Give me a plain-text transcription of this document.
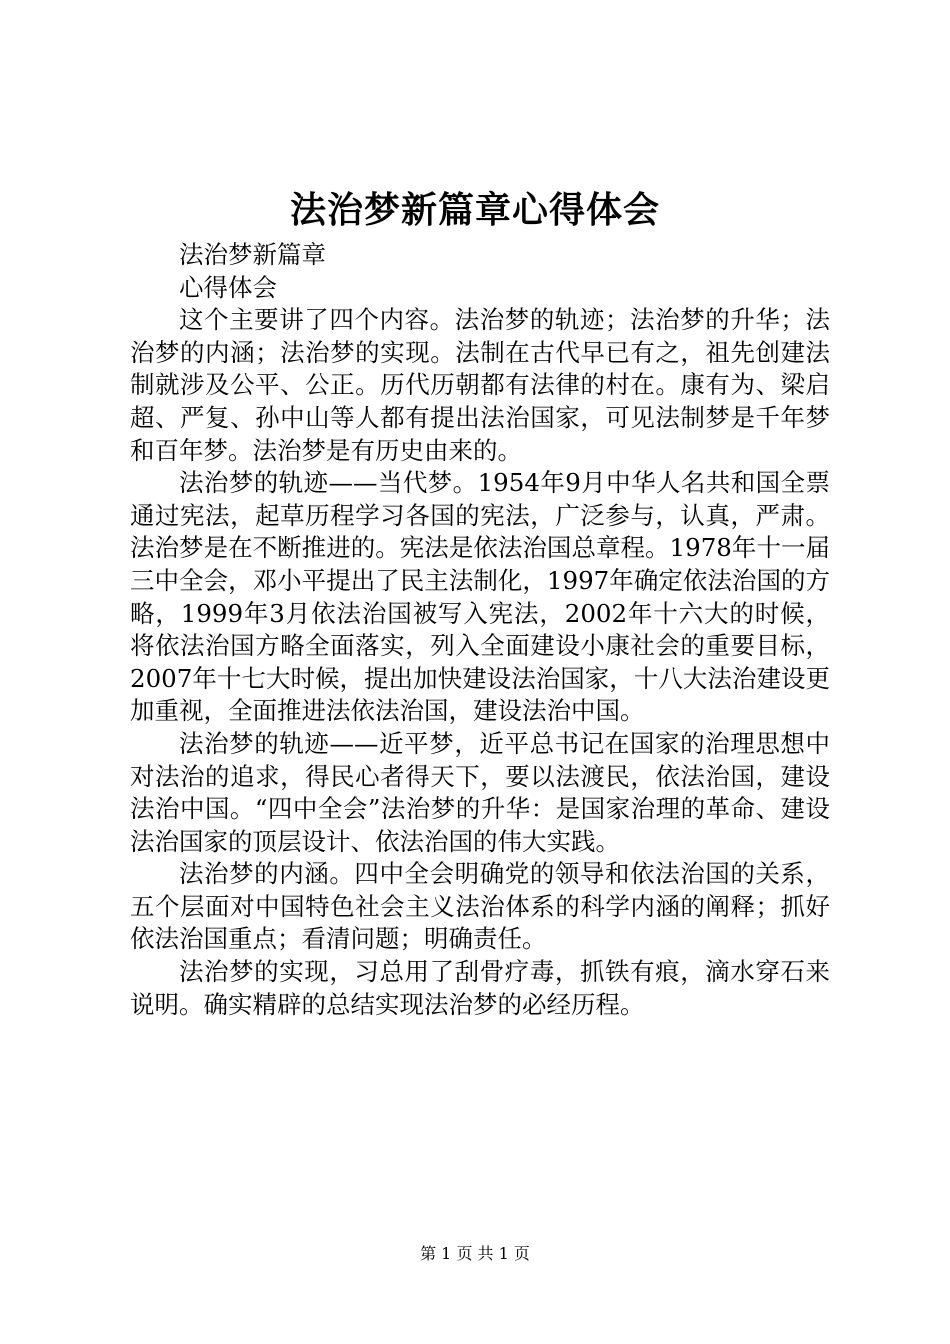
法治梦新篇章心得体会

法治梦新篇章

心得体会

这个主要讲了四个内容。法治梦的轨迹；法治梦的升华；法治梦的内涵；法治梦的实现。法制在古代早已有之，祖先创建法制就涉及公平、公正。历代历朝都有法律的村在。康有为、梁启超、严复、孙中山等人都有提出法治国家，可见法制梦是千年梦和百年梦。法治梦是有历史由来的。

法治梦的轨迹——当代梦。1954年9月中华人名共和国全票通过宪法，起草历程学习各国的宪法，广泛参与，认真，严肃。法治梦是在不断推进的。宪法是依法治国总章程。1978年十一届三中全会，邓小平提出了民主法制化，1997年确定依法治国的方略，1999年3月依法治国被写入宪法，2002年十六大的时候，将依法治国方略全面落实，列入全面建设小康社会的重要目标，2007年十七大时候，提出加快建设法治国家，十八大法治建设更加重视，全面推进法依法治国，建设法治中国。

法治梦的轨迹——近平梦，近平总书记在国家的治理思想中对法治的追求，得民心者得天下，要以法渡民，依法治国，建设法治中国。“四中全会”法治梦的升华：是国家治理的革命、建设法治国家的顶层设计、依法治国的伟大实践。

法治梦的内涵。四中全会明确党的领导和依法治国的关系，五个层面对中国特色社会主义法治体系的科学内涵的阐释；抓好依法治国重点；看清问题；明确责任。

法治梦的实现，习总用了刮骨疗毒，抓铁有痕，滴水穿石来说明。确实精辟的总结实现法治梦的必经历程。

第 1 页 共 1 页
